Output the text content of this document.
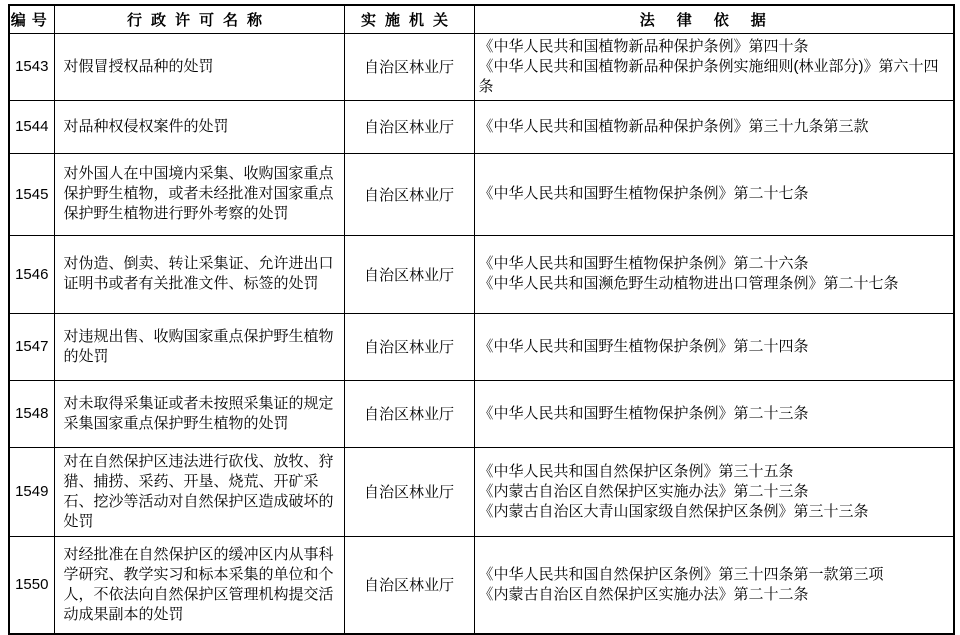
编号	行政许可名称	实施机关	法律依据
1543	对假冒授权品种的处罚	自治区林业厅	《中华人民共和国植物新品种保护条例》第四十条
《中华人民共和国植物新品种保护条例实施细则(林业部分)》第六十四条

1544	对品种权侵权案件的处罚	自治区林业厅	《中华人民共和国植物新品种保护条例》第三十九条第三款

1545	对外国人在中国境内采集、收购国家重点保护野生植物，或者未经批准对国家重点保护野生植物进行野外考察的处罚	自治区林业厅	《中华人民共和国野生植物保护条例》第二十七条

1546	对伪造、倒卖、转让采集证、允许进出口证明书或者有关批准文件、标签的处罚	自治区林业厅	《中华人民共和国野生植物保护条例》第二十六条
《中华人民共和国濒危野生动植物进出口管理条例》第二十七条

1547	对违规出售、收购国家重点保护野生植物的处罚	自治区林业厅	《中华人民共和国野生植物保护条例》第二十四条

1548	对未取得采集证或者未按照采集证的规定采集国家重点保护野生植物的处罚	自治区林业厅	《中华人民共和国野生植物保护条例》第二十三条

1549	对在自然保护区违法进行砍伐、放牧、狩猎、捕捞、采药、开垦、烧荒、开矿采石、挖沙等活动对自然保护区造成破坏的处罚	自治区林业厅	《中华人民共和国自然保护区条例》第三十五条
《内蒙古自治区自然保护区实施办法》第二十三条
《内蒙古自治区大青山国家级自然保护区条例》第三十三条

1550	对经批准在自然保护区的缓冲区内从事科学研究、教学实习和标本采集的单位和个人，不依法向自然保护区管理机构提交活动成果副本的处罚	自治区林业厅	《中华人民共和国自然保护区条例》第三十四条第一款第三项
《内蒙古自治区自然保护区实施办法》第二十二条
